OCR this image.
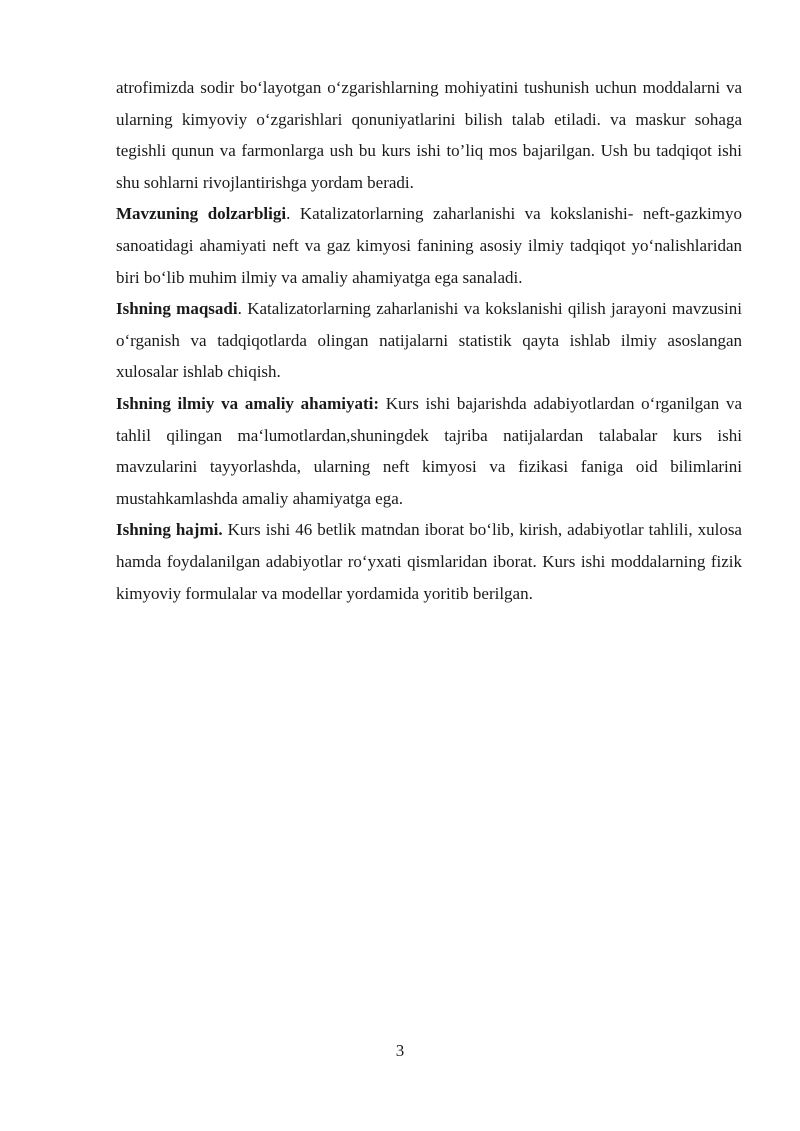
atrofimizda sodir bo‘layotgan o‘zgarishlarning mohiyatini tushunish uchun moddalarni va ularning kimyoviy o‘zgarishlari qonuniyatlarini bilish talab etiladi. va maskur sohaga tegishli qunun va farmonlarga ush bu kurs ishi to’liq mos bajarilgan. Ush bu tadqiqot ishi shu sohlarni rivojlantirishga yordam beradi.

Mavzuning dolzarbligi. Katalizatorlarning zaharlanishi va kokslanishi- neft-gazkimyo sanoatidagi ahamiyati neft va gaz kimyosi fanining asosiy ilmiy tadqiqot yo‘nalishlaridan biri bo‘lib muhim ilmiy va amaliy ahamiyatga ega sanaladi.

Ishning maqsadi. Katalizatorlarning zaharlanishi va kokslanishi qilish jarayoni mavzusini o‘rganish va tadqiqotlarda olingan natijalarni statistik qayta ishlab ilmiy asoslangan xulosalar ishlab chiqish.

Ishning ilmiy va amaliy ahamiyati: Kurs ishi bajarishda adabiyotlardan o‘rganilgan va tahlil qilingan ma‘lumotlardan,shuningdek tajriba natijalardan talabalar kurs ishi mavzularini tayyorlashda, ularning neft kimyosi va fizikasi faniga oid bilimlarini mustahkamlashda amaliy ahamiyatga ega.

Ishning hajmi. Kurs ishi 46 betlik matndan iborat bo‘lib, kirish, adabiyotlar tahlili, xulosa hamda foydalanilgan adabiyotlar ro‘yxati qismlaridan iborat. Kurs ishi moddalarning fizik kimyoviy formulalar va modellar yordamida yoritib berilgan.

3
